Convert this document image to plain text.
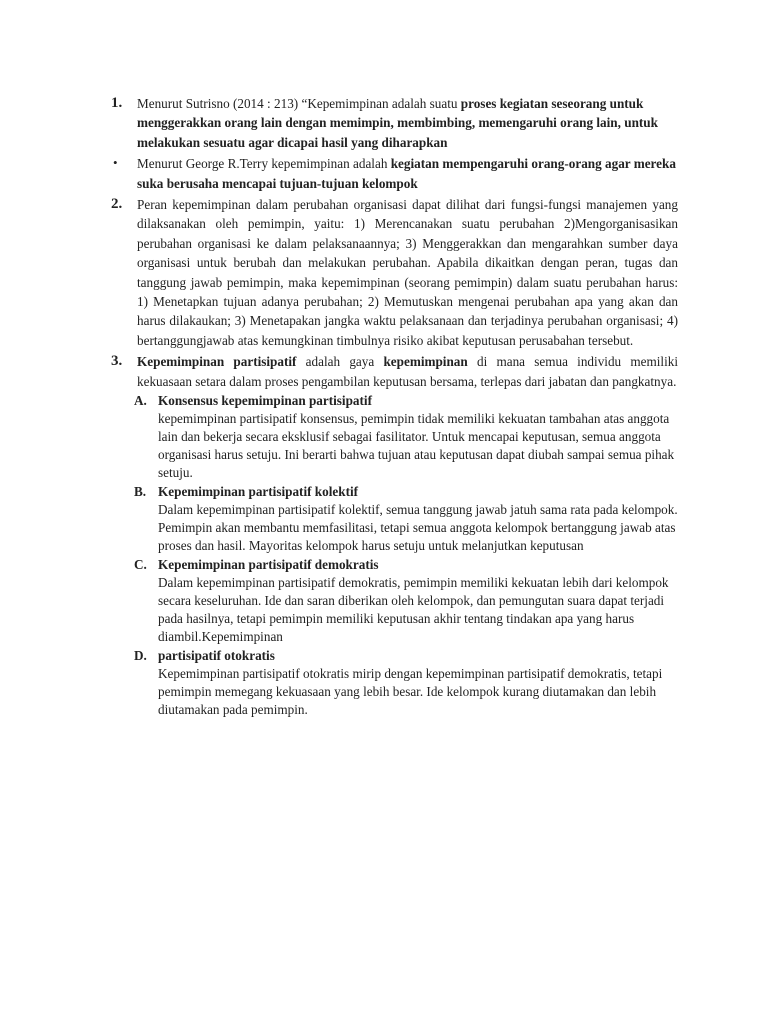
1. Menurut Sutrisno (2014 : 213) “Kepemimpinan adalah suatu proses kegiatan seseorang untuk menggerakkan orang lain dengan memimpin, membimbing, memengaruhi orang lain, untuk melakukan sesuatu agar dicapai hasil yang diharapkan
• Menurut George R.Terry kepemimpinan adalah kegiatan mempengaruhi orang-orang agar mereka suka berusaha mencapai tujuan-tujuan kelompok
2. Peran kepemimpinan dalam perubahan organisasi dapat dilihat dari fungsi-fungsi manajemen yang dilaksanakan oleh pemimpin, yaitu: 1) Merencanakan suatu perubahan 2)Mengorganisasikan perubahan organisasi ke dalam pelaksanaannya; 3) Menggerakkan dan mengarahkan sumber daya organisasi untuk berubah dan melakukan perubahan. Apabila dikaitkan dengan peran, tugas dan tanggung jawab pemimpin, maka kepemimpinan (seorang pemimpin) dalam suatu perubahan harus: 1) Menetapkan tujuan adanya perubahan; 2) Memutuskan mengenai perubahan apa yang akan dan harus dilakaukan; 3) Menetapakan jangka waktu pelaksanaan dan terjadinya perubahan organisasi; 4) bertanggungjawab atas kemungkinan timbulnya risiko akibat keputusan perusabahan tersebut.
3. Kepemimpinan partisipatif adalah gaya kepemimpinan di mana semua individu memiliki kekuasaan setara dalam proses pengambilan keputusan bersama, terlepas dari jabatan dan pangkatnya.
A. Konsensus kepemimpinan partisipatif
kepemimpinan partisipatif konsensus, pemimpin tidak memiliki kekuatan tambahan atas anggota lain dan bekerja secara eksklusif sebagai fasilitator. Untuk mencapai keputusan, semua anggota organisasi harus setuju. Ini berarti bahwa tujuan atau keputusan dapat diubah sampai semua pihak setuju.
B. Kepemimpinan partisipatif kolektif
Dalam kepemimpinan partisipatif kolektif, semua tanggung jawab jatuh sama rata pada kelompok. Pemimpin akan membantu memfasilitasi, tetapi semua anggota kelompok bertanggung jawab atas proses dan hasil. Mayoritas kelompok harus setuju untuk melanjutkan keputusan
C. Kepemimpinan partisipatif demokratis
Dalam kepemimpinan partisipatif demokratis, pemimpin memiliki kekuatan lebih dari kelompok secara keseluruhan. Ide dan saran diberikan oleh kelompok, dan pemungutan suara dapat terjadi pada hasilnya, tetapi pemimpin memiliki keputusan akhir tentang tindakan apa yang harus diambil.Kepemimpinan
D. partisipatif otokratis
Kepemimpinan partisipatif otokratis mirip dengan kepemimpinan partisipatif demokratis, tetapi pemimpin memegang kekuasaan yang lebih besar. Ide kelompok kurang diutamakan dan lebih diutamakan pada pemimpin.
